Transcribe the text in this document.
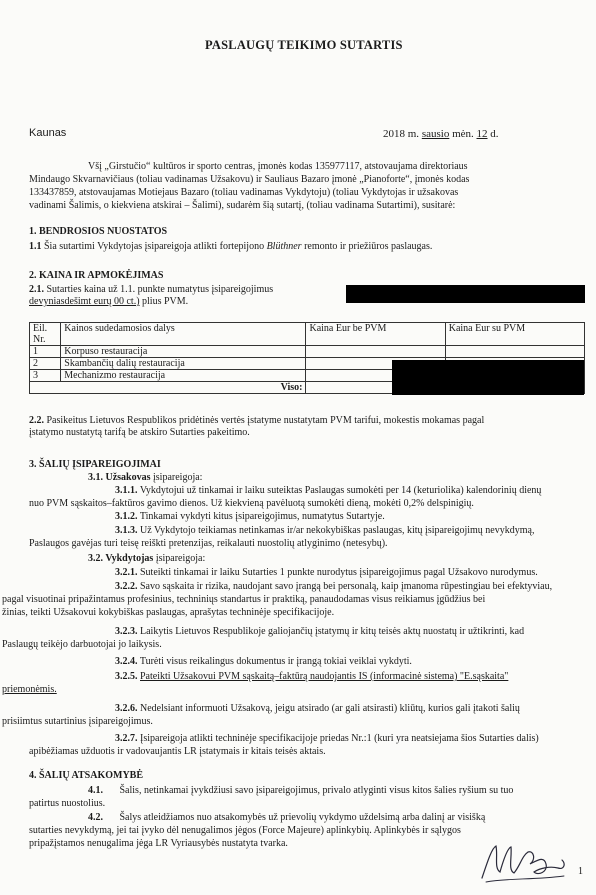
PASLAUGŲ TEIKIMO SUTARTIS
Kaunas	2018 m. sausio mėn. 12 d.
Všį „Girstučio“ kultūros ir sporto centras, įmonės kodas 135977117, atstovaujama direktoriaus
Mindaugo Skvarnavičiaus (toliau vadinamas Užsakovu) ir Sauliaus Bazaro įmonė „Pianoforte“, įmonės kodas
133437859, atstovaujamas Motiejaus Bazaro (toliau vadinamas Vykdytoju) (toliau Vykdytojas ir užsakovas
vadinami Šalimis, o kiekviena atskirai – Šalimi), sudarėm šią sutartį, (toliau vadinama Sutartimi), susitarė:
1. BENDROSIOS NUOSTATOS
1.1 Šia sutartimi Vykdytojas įsipareigoja atlikti fortepijono Blüthner remonto ir priežiūros paslaugas.
2. KAINA IR APMOKĖJIMAS
2.1. Sutarties kaina už 1.1. punkte numatytus įsipareigojimus
devyniasdešimt eurų 00 ct.) plius PVM.
Eil.
Nr.	Kainos sudedamosios dalys	Kaina Eur be PVM	Kaina Eur su PVM
1	Korpuso restauracija		
2	Skambančių dalių restauracija		
3	Mechanizmo restauracija		
Viso:		
2.2. Pasikeitus Lietuvos Respublikos pridėtinės vertės įstatyme nustatytam PVM tarifui, mokestis mokamas pagal
įstatymo nustatytą tarifą be atskiro Sutarties pakeitimo.
3. ŠALIŲ ĮSIPAREIGOJIMAI
3.1. Užsakovas įsipareigoja:
3.1.1. Vykdytojui už tinkamai ir laiku suteiktas Paslaugas sumokėti per 14 (keturiolika) kalendorinių dienų
nuo PVM sąskaitos–faktūros gavimo dienos. Už kiekvieną pavėluotą sumokėti dieną, mokėti 0,2% delspinigių.
3.1.2. Tinkamai vykdyti kitus įsipareigojimus, numatytus Sutartyje.
3.1.3. Už Vykdytojo teikiamas netinkamas ir/ar nekokybiškas paslaugas, kitų įsipareigojimų nevykdymą,
Paslaugos gavėjas turi teisę reiškti pretenzijas, reikalauti nuostolių atlyginimo (netesybų).
3.2. Vykdytojas įsipareigoja:
3.2.1. Suteikti tinkamai ir laiku Sutarties 1 punkte nurodytus įsipareigojimus pagal Užsakovo nurodymus.
3.2.2. Savo sąskaita ir rizika, naudojant savo įrangą bei personalą, kaip įmanoma rūpestingiau bei efektyviau,
pagal visuotinai pripažintamus profesinius, techniniųs standartus ir praktiką, panaudodamas visus reikiamus įgūdžius bei
žinias, teikti Užsakovui kokybiškas paslaugas, aprašytas techninėje specifikacijoje.
3.2.3. Laikytis Lietuvos Respublikoje galiojančių įstatymų ir kitų teisės aktų nuostatų ir užtikrinti, kad
Paslaugų teikėjo darbuotojai jo laikysis.
3.2.4. Turėti visus reikalingus dokumentus ir įrangą tokiai veiklai vykdyti.
3.2.5. Pateikti Užsakovui PVM sąskaitą–faktūrą naudojantis IS (informacinė sistema) "E.sąskaita"
priemonėmis.
3.2.6. Nedelsiant informuoti Užsakovą, jeigu atsirado (ar gali atsirasti) kliūtų, kurios gali įtakoti šalių
prisiimtus sutartinius įsipareigojimus.
3.2.7. Įsipareigoja atlikti techninėje specifikacijoje priedas Nr.:1 (kuri yra neatsiejama šios Sutarties dalis)
apibėžiamas užduotis ir vadovaujantis LR įstatymais ir kitais teisės aktais.
4. ŠALIŲ ATSAKOMYBĖ
4.1. Šalis, netinkamai įvykdžiusi savo įsipareigojimus, privalo atlyginti visus kitos šalies ryšium su tuo
patirtus nuostolius.
4.2. Šalys atleidžiamos nuo atsakomybės už prievolių vykdymo uždelsimą arba dalinį ar visišką
sutarties nevykdymą, jei tai įvyko dėl nenugalimos jėgos (Force Majeure) aplinkybių. Aplinkybės ir sąlygos
pripažįstamos nenugalima jėga LR Vyriausybės nustatyta tvarka.
1
